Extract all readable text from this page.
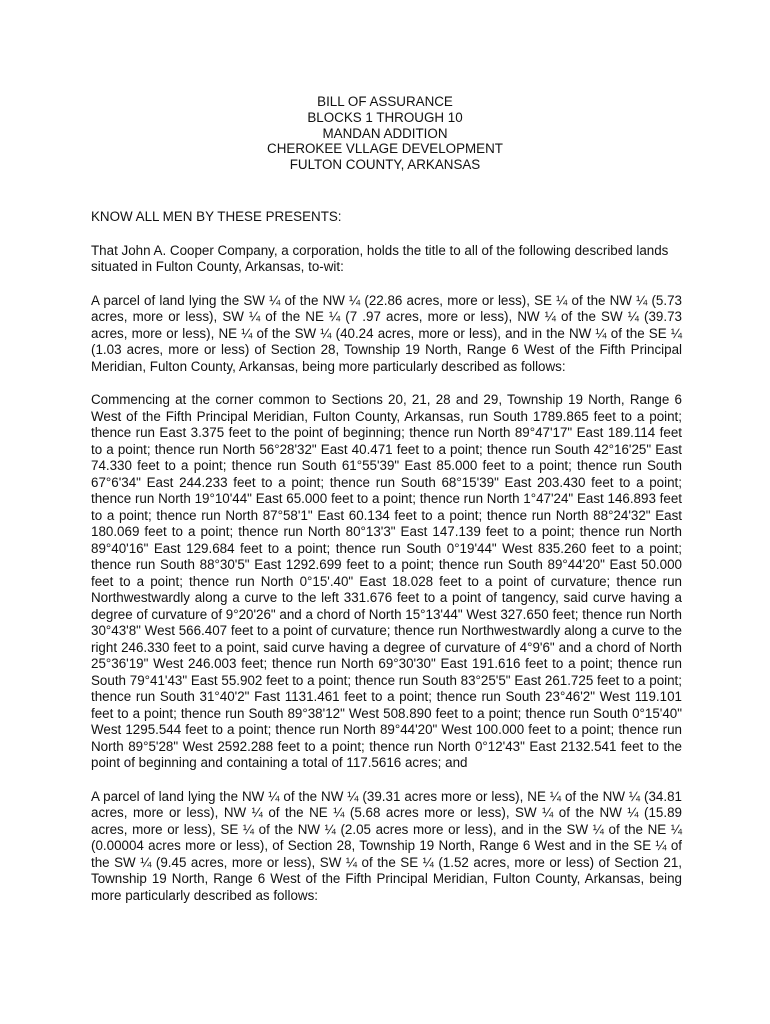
BILL OF ASSURANCE
BLOCKS 1 THROUGH 10
MANDAN ADDITION
CHEROKEE VLLAGE DEVELOPMENT
FULTON COUNTY, ARKANSAS

KNOW ALL MEN BY THESE PRESENTS:

That John A. Cooper Company, a corporation, holds the title to all of the following described lands situated in Fulton County, Arkansas, to-wit:

A parcel of land lying the SW ¼ of the NW ¼ (22.86 acres, more or less), SE ¼ of the NW ¼ (5.73 acres, more or less), SW ¼ of the NE ¼ (7 .97 acres, more or less), NW ¼ of the SW ¼ (39.73 acres, more or less), NE ¼ of the SW ¼ (40.24 acres, more or less), and in the NW ¼ of the SE ¼ (1.03 acres, more or less) of Section 28, Township 19 North, Range 6 West of the Fifth Principal Meridian, Fulton County, Arkansas, being more particularly described as follows:

Commencing at the corner common to Sections 20, 21, 28 and 29, Township 19 North, Range 6 West of the Fifth Principal Meridian, Fulton County, Arkansas, run South 1789.865 feet to a point; thence run East 3.375 feet to the point of beginning; thence run North 89°47'17" East 189.114 feet to a point; thence run North 56°28'32" East 40.471 feet to a point; thence run South 42°16'25" East 74.330 feet to a point; thence run South 61°55'39" East 85.000 feet to a point; thence run South 67°6'34" East 244.233 feet to a point; thence run South 68°15'39" East 203.430 feet to a point; thence run North 19°10'44" East 65.000 feet to a point; thence run North 1°47'24" East 146.893 feet to a point; thence run North 87°58'1" East 60.134 feet to a point; thence run North 88°24'32" East 180.069 feet to a point; thence run North 80°13'3" East 147.139 feet to a point; thence run North 89°40'16" East 129.684 feet to a point; thence run South 0°19'44" West 835.260 feet to a point; thence run South 88°30'5" East 1292.699 feet to a point; thence run South 89°44'20" East 50.000 feet to a point; thence run North 0°15'.40" East 18.028 feet to a point of curvature; thence run Northwestwardly along a curve to the left 331.676 feet to a point of tangency, said curve having a degree of curvature of 9°20'26" and a chord of North 15°13'44" West 327.650 feet; thence run North 30°43'8" West 566.407 feet to a point of curvature; thence run Northwestwardly along a curve to the right 246.330 feet to a point, said curve having a degree of curvature of 4°9'6" and a chord of North 25°36'19" West 246.003 feet; thence run North 69°30'30" East 191.616 feet to a point; thence run South 79°41'43" East 55.902 feet to a point; thence run South 83°25'5" East 261.725 feet to a point; thence run South 31°40'2" Fast 1131.461 feet to a point; thence run South 23°46'2" West 119.101 feet to a point; thence run South 89°38'12" West 508.890 feet to a point; thence run South 0°15'40" West 1295.544 feet to a point; thence run North 89°44'20" West 100.000 feet to a point; thence run North 89°5'28" West 2592.288 feet to a point; thence run North 0°12'43" East 2132.541 feet to the point of beginning and containing a total of 117.5616 acres; and

A parcel of land lying the NW ¼ of the NW ¼ (39.31 acres more or less), NE ¼ of the NW ¼ (34.81 acres, more or less), NW ¼ of the NE ¼ (5.68 acres more or less), SW ¼ of the NW ¼ (15.89 acres, more or less), SE ¼ of the NW ¼ (2.05 acres more or less), and in the SW ¼ of the NE ¼ (0.00004 acres more or less), of Section 28, Township 19 North, Range 6 West and in the SE ¼ of the SW ¼ (9.45 acres, more or less), SW ¼ of the SE ¼ (1.52 acres, more or less) of Section 21, Township 19 North, Range 6 West of the Fifth Principal Meridian, Fulton County, Arkansas, being more particularly described as follows:
